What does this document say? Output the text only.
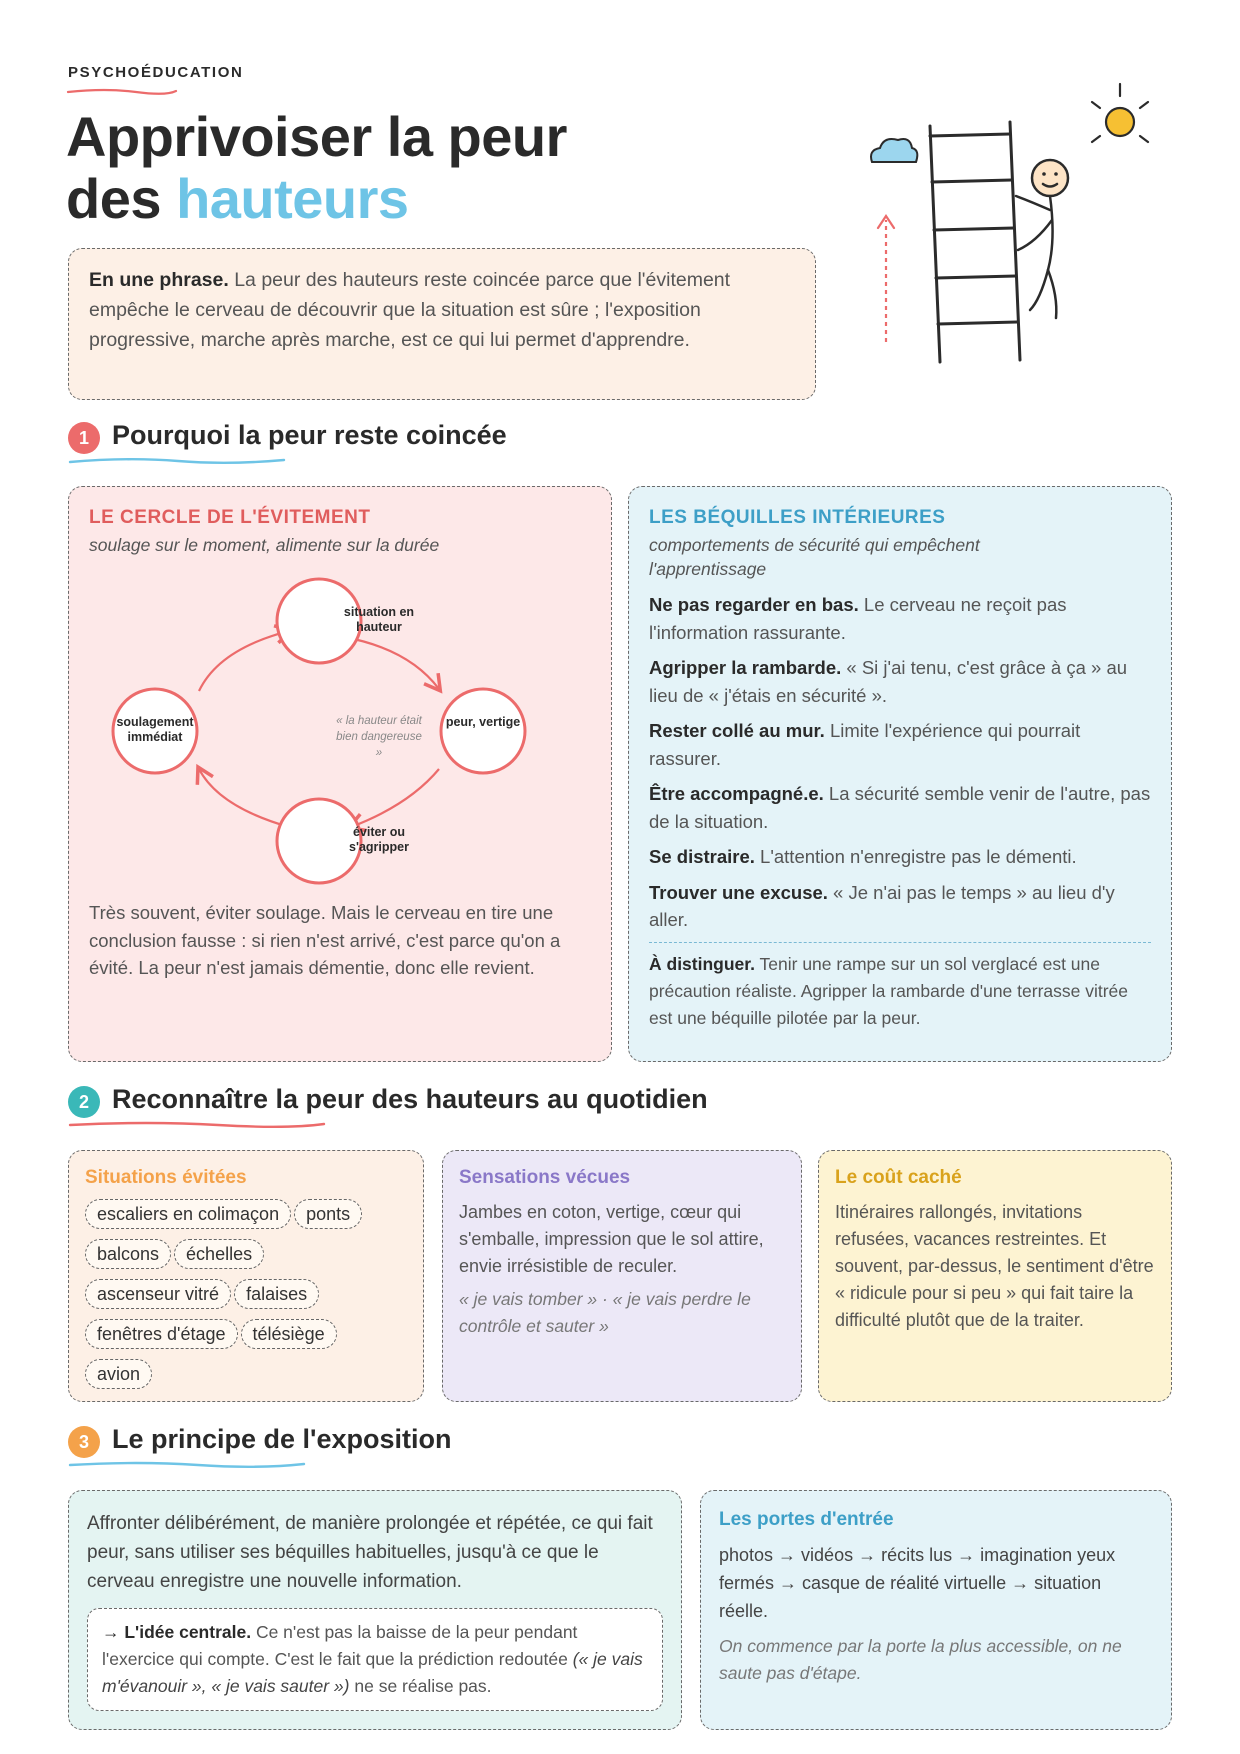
PSYCHOÉDUCATION
Apprivoiser la peur
des hauteurs
En une phrase. La peur des hauteurs reste coincée parce que l'évitement empêche le cerveau de découvrir que la situation est sûre ; l'exposition progressive, marche après marche, est ce qui lui permet d'apprendre.
1 Pourquoi la peur reste coincée
LE CERCLE DE L'ÉVITEMENT
soulage sur le moment, alimente sur la durée
situation en hauteur
peur, vertige
éviter ou s'agripper
soulagement immédiat
« la hauteur était bien dangereuse »
Très souvent, éviter soulage. Mais le cerveau en tire une conclusion fausse : si rien n'est arrivé, c'est parce qu'on a évité. La peur n'est jamais démentie, donc elle revient.
LES BÉQUILLES INTÉRIEURES
comportements de sécurité qui empêchent l'apprentissage
Ne pas regarder en bas. Le cerveau ne reçoit pas l'information rassurante.
Agripper la rambarde. « Si j'ai tenu, c'est grâce à ça » au lieu de « j'étais en sécurité ».
Rester collé au mur. Limite l'expérience qui pourrait rassurer.
Être accompagné.e. La sécurité semble venir de l'autre, pas de la situation.
Se distraire. L'attention n'enregistre pas le démenti.
Trouver une excuse. « Je n'ai pas le temps » au lieu d'y aller.
À distinguer. Tenir une rampe sur un sol verglacé est une précaution réaliste. Agripper la rambarde d'une terrasse vitrée est une béquille pilotée par la peur.
2 Reconnaître la peur des hauteurs au quotidien
Situations évitées
escaliers en colimaçon ponts
balcons échelles
ascenseur vitré falaises
fenêtres d'étage télésiège
avion
Sensations vécues
Jambes en coton, vertige, cœur qui s'emballe, impression que le sol attire, envie irrésistible de reculer.
« je vais tomber » · « je vais perdre le contrôle et sauter »
Le coût caché
Itinéraires rallongés, invitations refusées, vacances restreintes. Et souvent, par-dessus, le sentiment d'être « ridicule pour si peu » qui fait taire la difficulté plutôt que de la traiter.
3 Le principe de l'exposition
Affronter délibérément, de manière prolongée et répétée, ce qui fait peur, sans utiliser ses béquilles habituelles, jusqu'à ce que le cerveau enregistre une nouvelle information.
→ L'idée centrale. Ce n'est pas la baisse de la peur pendant l'exercice qui compte. C'est le fait que la prédiction redoutée (« je vais m'évanouir », « je vais sauter ») ne se réalise pas.
Les portes d'entrée
photos → vidéos → récits lus → imagination yeux fermés → casque de réalité virtuelle → situation réelle.
On commence par la porte la plus accessible, on ne saute pas d'étape.
